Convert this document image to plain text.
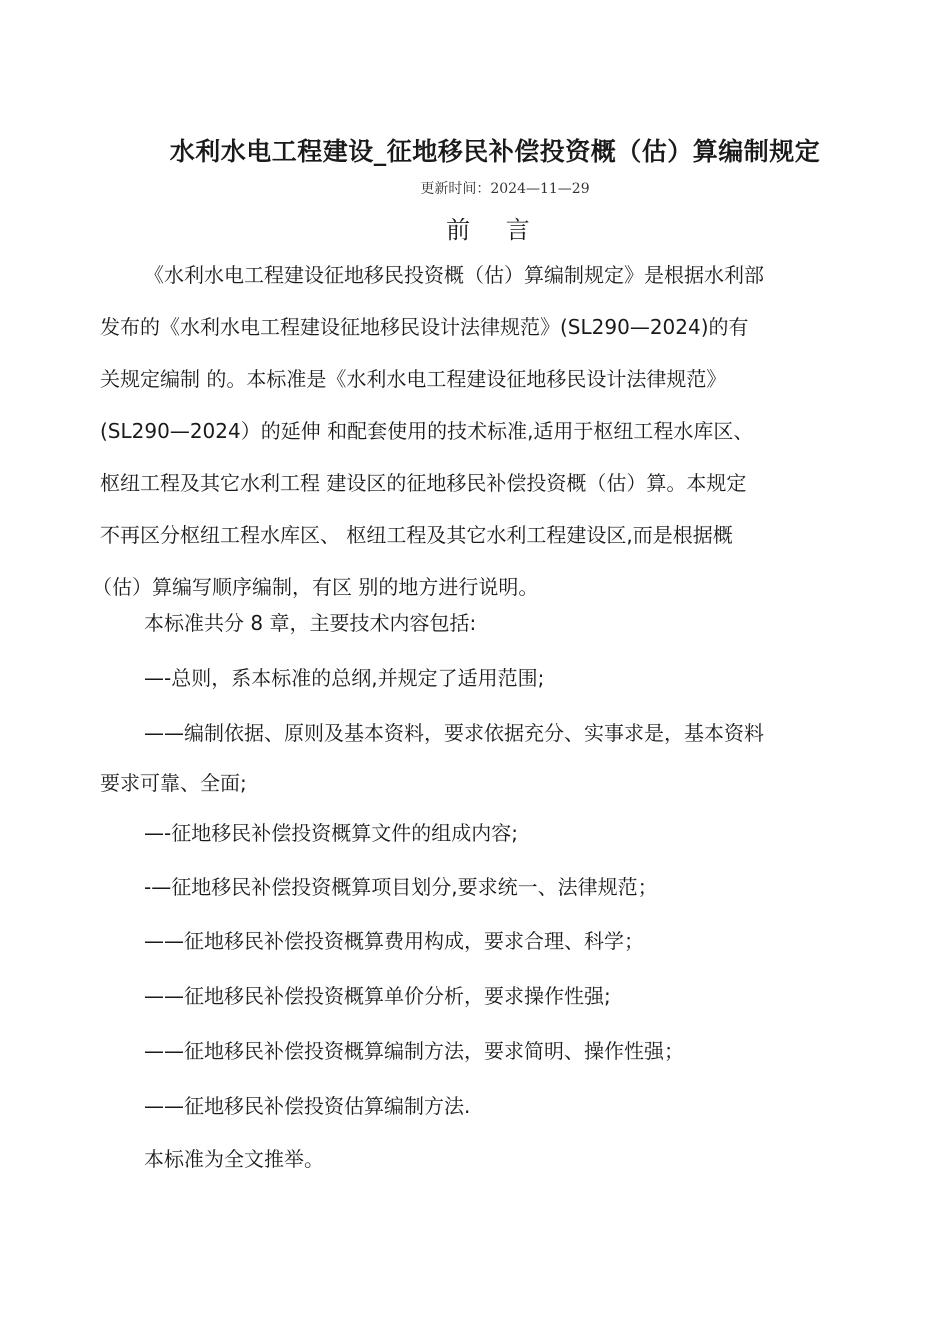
水利水电工程建设_征地移民补偿投资概（估）算编制规定
更新时间：2024—11—29
前 言

《水利水电工程建设征地移民投资概（估）算编制规定》是根据水利部
发布的《水利水电工程建设征地移民设计法律规范》(SL290—2024)的有
关规定编制 的。本标准是《水利水电工程建设征地移民设计法律规范》
(SL290—2024）的延伸 和配套使用的技术标准,适用于枢纽工程水库区、
枢纽工程及其它水利工程 建设区的征地移民补偿投资概（估）算。本规定
不再区分枢纽工程水库区、 枢纽工程及其它水利工程建设区,而是根据概
（估）算编写顺序编制，有区 别的地方进行说明。

本标准共分 8 章，主要技术内容包括:

—-总则，系本标准的总纲,并规定了适用范围;

——编制依据、原则及基本资料，要求依据充分、实事求是，基本资料

要求可靠、全面;

—-征地移民补偿投资概算文件的组成内容;

-—征地移民补偿投资概算项目划分,要求统一、法律规范；

——征地移民补偿投资概算费用构成，要求合理、科学；

——征地移民补偿投资概算单价分析，要求操作性强;

——征地移民补偿投资概算编制方法，要求简明、操作性强；

——征地移民补偿投资估算编制方法.

本标准为全文推举。
